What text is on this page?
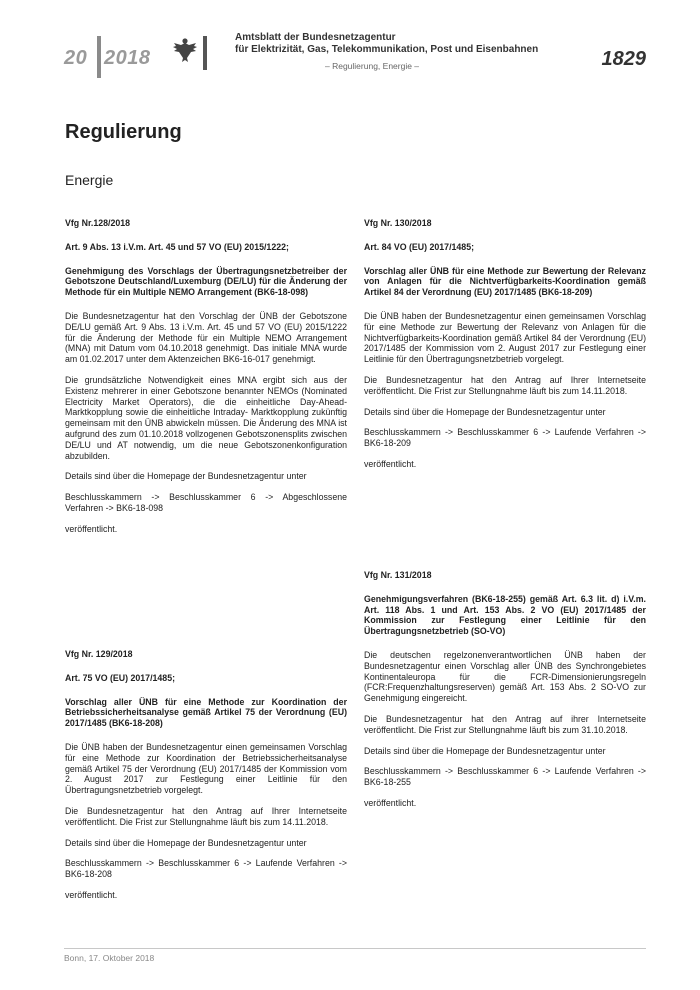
20 2018
Amtsblatt der Bundesnetzagentur
für Elektrizität, Gas, Telekommunikation, Post und Eisenbahnen
– Regulierung, Energie –	1829
Regulierung
Energie

Vfg Nr.128/2018

Art. 9 Abs. 13 i.V.m. Art. 45 und 57 VO (EU) 2015/1222;

Genehmigung des Vorschlags der Übertragungsnetzbetreiber der Gebotszone Deutschland/Luxemburg (DE/LU) für die Änderung der Methode für ein Multiple NEMO Arrangement (BK6-18-098)

Die Bundesnetzagentur hat den Vorschlag der ÜNB der Gebotszone DE/LU gemäß Art. 9 Abs. 13 i.V.m. Art. 45 und 57 VO (EU) 2015/1222 für die Änderung der Methode für ein Multiple NEMO Arrangement (MNA) mit Datum vom 04.10.2018 genehmigt. Das initiale MNA wurde am 01.02.2017 unter dem Aktenzeichen BK6-16-017 genehmigt.

Die grundsätzliche Notwendigkeit eines MNA ergibt sich aus der Existenz mehrerer in einer Gebotszone benannter NEMOs (Nominated Electricity Market Operators), die die einheitliche Day-Ahead-Marktkopplung sowie die einheitliche Intraday- Marktkopplung zukünftig gemeinsam mit den ÜNB abwickeln müssen. Die Änderung des MNA ist aufgrund des zum 01.10.2018 vollzogenen Gebotszonensplits zwischen DE/LU und AT notwendig, um die neue Gebotszonenkonfiguration abzubilden.

Details sind über die Homepage der Bundesnetzagentur unter

Beschlusskammern -> Beschlusskammer 6 -> Abgeschlossene Verfahren -> BK6-18-098

veröffentlicht.

Vfg Nr. 129/2018

Art. 75 VO (EU) 2017/1485;

Vorschlag aller ÜNB für eine Methode zur Koordination der Betriebssicherheitsanalyse gemäß Artikel 75 der Verordnung (EU) 2017/1485 (BK6-18-208)

Die ÜNB haben der Bundesnetzagentur einen gemeinsamen Vorschlag für eine Methode zur Koordination der Betriebssicherheitsanalyse gemäß Artikel 75 der Verordnung (EU) 2017/1485 der Kommission vom 2. August 2017 zur Festlegung einer Leitlinie für den Übertragungsnetzbetrieb vorgelegt.

Die Bundesnetzagentur hat den Antrag auf Ihrer Internetseite veröffentlicht. Die Frist zur Stellungnahme läuft bis zum 14.11.2018.

Details sind über die Homepage der Bundesnetzagentur unter

Beschlusskammern -> Beschlusskammer 6 -> Laufende Verfahren -> BK6-18-208

veröffentlicht.

Vfg Nr. 130/2018

Art. 84 VO (EU) 2017/1485;

Vorschlag aller ÜNB für eine Methode zur Bewertung der Relevanz von Anlagen für die Nichtverfügbarkeits-Koordination gemäß Artikel 84 der Verordnung (EU) 2017/1485 (BK6-18-209)

Die ÜNB haben der Bundesnetzagentur einen gemeinsamen Vorschlag für eine Methode zur Bewertung der Relevanz von Anlagen für die Nichtverfügbarkeits-Koordination gemäß Artikel 84 der Verordnung (EU) 2017/1485 der Kommission vom 2. August 2017 zur Festlegung einer Leitlinie für den Übertragungsnetzbetrieb vorgelegt.

Die Bundesnetzagentur hat den Antrag auf Ihrer Internetseite veröffentlicht. Die Frist zur Stellungnahme läuft bis zum 14.11.2018.

Details sind über die Homepage der Bundesnetzagentur unter

Beschlusskammern -> Beschlusskammer 6 -> Laufende Verfahren -> BK6-18-209

veröffentlicht.

Vfg Nr. 131/2018

Genehmigungsverfahren (BK6-18-255) gemäß Art. 6.3 lit. d) i.V.m. Art. 118 Abs. 1 und Art. 153 Abs. 2 VO (EU) 2017/1485 der Kommission zur Festlegung einer Leitlinie für den Übertragungsnetzbetrieb (SO-VO)

Die deutschen regelzonenverantwortlichen ÜNB haben der Bundesnetzagentur einen Vorschlag aller ÜNB des Synchrongebietes Kontinentaleuropa für die FCR-Dimensionierungsregeln (FCR:Frequenzhaltungsreserven) gemäß Art. 153 Abs. 2 SO-VO zur Genehmigung eingereicht.

Die Bundesnetzagentur hat den Antrag auf ihrer Internetseite veröffentlicht. Die Frist zur Stellungnahme läuft bis zum 31.10.2018.

Details sind über die Homepage der Bundesnetzagentur unter

Beschlusskammern -> Beschlusskammer 6 -> Laufende Verfahren -> BK6-18-255

veröffentlicht.

Bonn, 17. Oktober 2018
